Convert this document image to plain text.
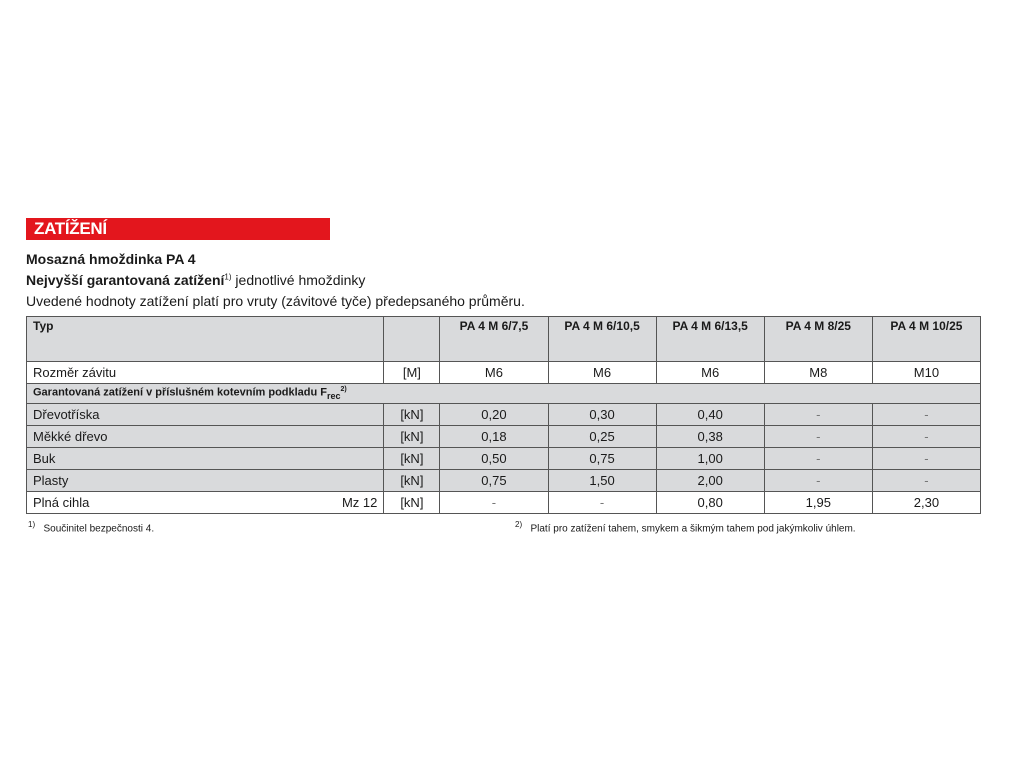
ZATÍŽENÍ
Mosazná hmoždinka PA 4
Nejvyšší garantovaná zatížení$^{1)}$ jednotlivé hmoždinky
Uvedené hodnoty zatížení platí pro vruty (závitové tyče) předepsaného průměru.
Typ		PA 4 M 6/7,5	PA 4 M 6/10,5	PA 4 M 6/13,5	PA 4 M 8/25	PA 4 M 10/25
Rozměr závitu	[M]	M6	M6	M6	M8	M10
Garantovaná zatížení v příslušném kotevním podkladu $F_{rec}^{2)}$

Dřevotříska	[kN]	0,20	0,30	0,40	-	-

Měkké dřevo	[kN]	0,18	0,25	0,38	-	-

Buk	[kN]	0,50	0,75	1,00	-	-

Plasty	[kN]	0,75	1,50	2,00	-	-

Plná cihla Mz 12	[kN]	-	-	0,80	1,95	2,30
$^{1)}$ Součinitel bezpečnosti 4.	$^{2)}$ Platí pro zatížení tahem, smykem a šikmým tahem pod jakýmkoliv úhlem.
